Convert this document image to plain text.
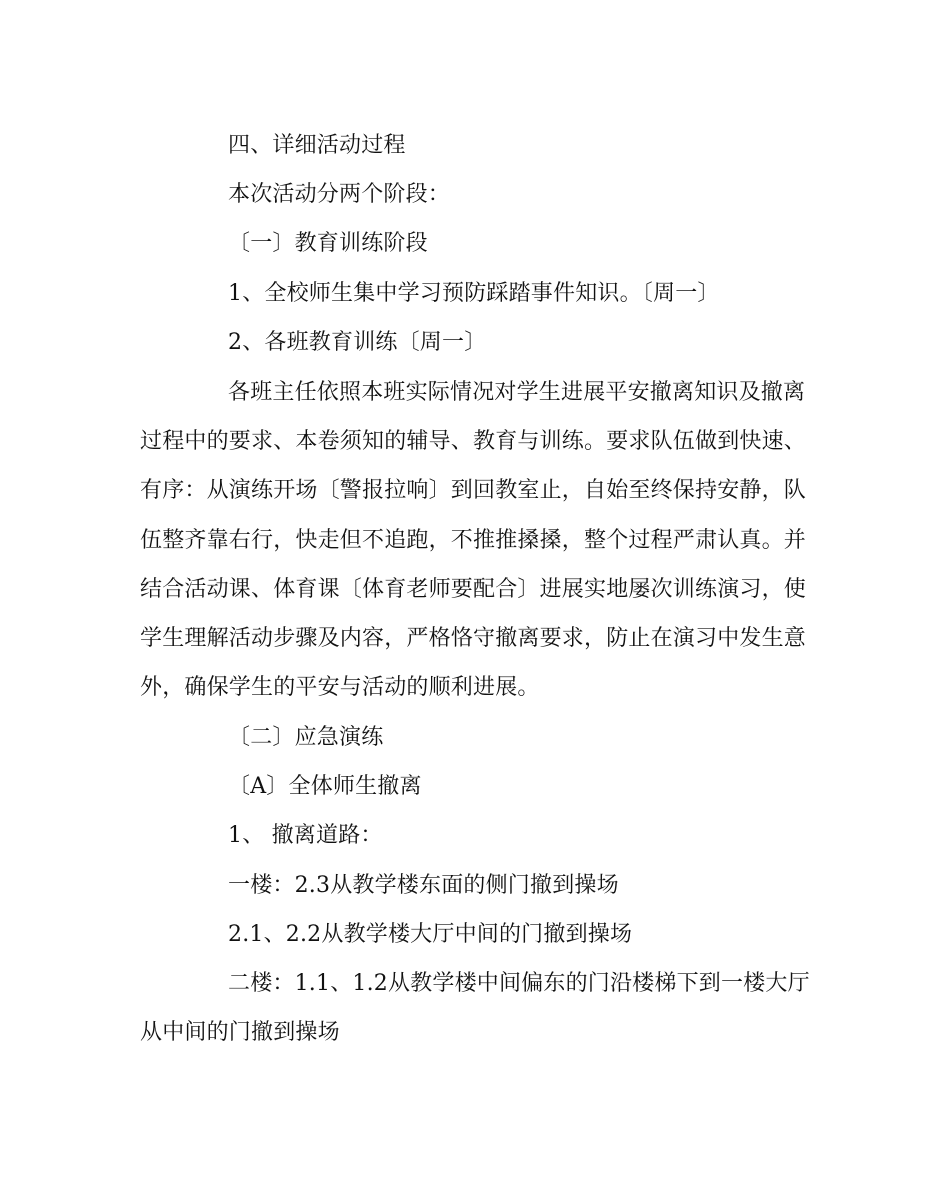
四、详细活动过程
本次活动分两个阶段：
〔一〕教育训练阶段
1、全校师生集中学习预防踩踏事件知识。〔周一〕
2、各班教育训练〔周一〕
各班主任依照本班实际情况对学生进展平安撤离知识及撤离
过程中的要求、本卷须知的辅导、教育与训练。要求队伍做到快速、
有序：从演练开场〔警报拉响〕到回教室止，自始至终保持安静，队
伍整齐靠右行，快走但不追跑，不推推搡搡，整个过程严肃认真。并
结合活动课、体育课〔体育老师要配合〕进展实地屡次训练演习，使
学生理解活动步骤及内容，严格恪守撤离要求，防止在演习中发生意
外，确保学生的平安与活动的顺利进展。
〔二〕应急演练
〔A〕全体师生撤离
1、 撤离道路：
一楼：2.3从教学楼东面的侧门撤到操场
2.1、2.2从教学楼大厅中间的门撤到操场
二楼：1.1、1.2从教学楼中间偏东的门沿楼梯下到一楼大厅
从中间的门撤到操场
